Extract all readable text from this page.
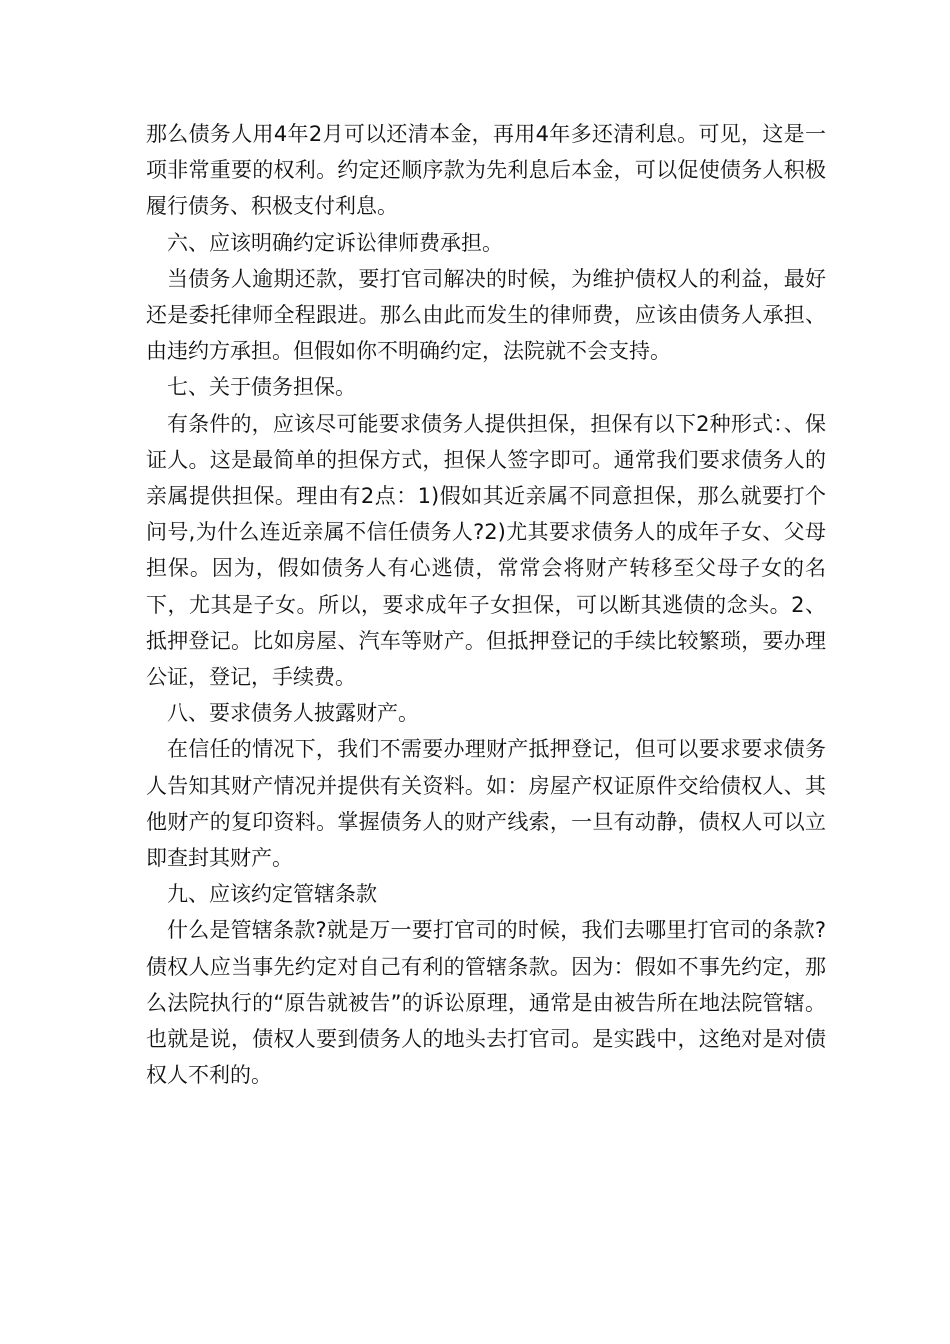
那么债务人用4年2月可以还清本金，再用4年多还清利息。可见，这是一项非常重要的权利。约定还顺序款为先利息后本金，可以促使债务人积极履行债务、积极支付利息。

六、应该明确约定诉讼律师费承担。

当债务人逾期还款，要打官司解决的时候，为维护债权人的利益，最好还是委托律师全程跟进。那么由此而发生的律师费，应该由债务人承担、由违约方承担。但假如你不明确约定，法院就不会支持。

七、关于债务担保。

有条件的，应该尽可能要求债务人提供担保，担保有以下2种形式：、保证人。这是最简单的担保方式，担保人签字即可。通常我们要求债务人的亲属提供担保。理由有2点：1)假如其近亲属不同意担保，那么就要打个问号,为什么连近亲属不信任债务人?2)尤其要求债务人的成年子女、父母担保。因为，假如债务人有心逃债，常常会将财产转移至父母子女的名下，尤其是子女。所以，要求成年子女担保，可以断其逃债的念头。2、抵押登记。比如房屋、汽车等财产。但抵押登记的手续比较繁琐，要办理公证，登记，手续费。

八、要求债务人披露财产。

在信任的情况下，我们不需要办理财产抵押登记，但可以要求要求债务人告知其财产情况并提供有关资料。如：房屋产权证原件交给债权人、其他财产的复印资料。掌握债务人的财产线索，一旦有动静，债权人可以立即查封其财产。

九、应该约定管辖条款

什么是管辖条款?就是万一要打官司的时候，我们去哪里打官司的条款?债权人应当事先约定对自己有利的管辖条款。因为：假如不事先约定，那么法院执行的“原告就被告”的诉讼原理，通常是由被告所在地法院管辖。也就是说，债权人要到债务人的地头去打官司。是实践中，这绝对是对债权人不利的。
